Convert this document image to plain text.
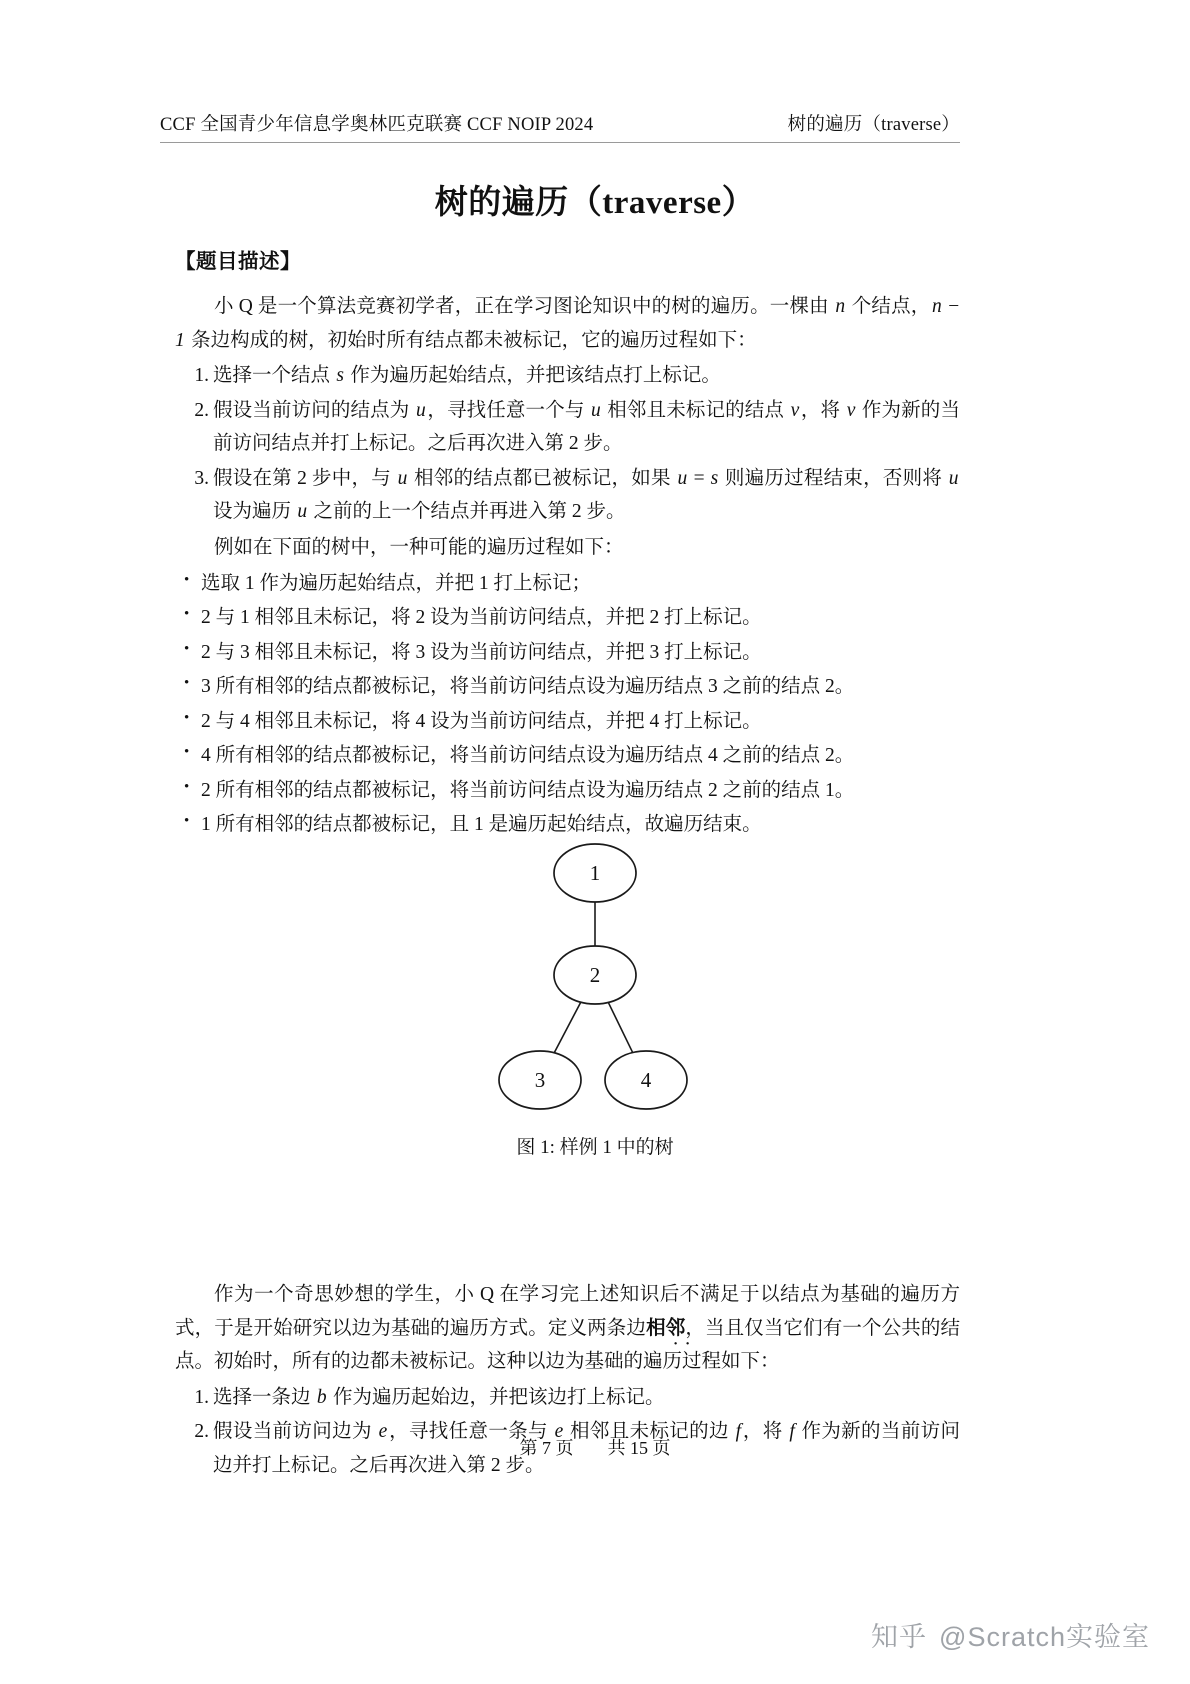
CCF 全国青少年信息学奥林匹克联赛 CCF NOIP 2024	树的遍历（traverse）
树的遍历（traverse）
【题目描述】

小 Q 是一个算法竞赛初学者，正在学习图论知识中的树的遍历。一棵由 n 个结点，n − 1 条边构成的树，初始时所有结点都未被标记，它的遍历过程如下：

1. 选择一个结点 s 作为遍历起始结点，并把该结点打上标记。
2. 假设当前访问的结点为 u，寻找任意一个与 u 相邻且未标记的结点 v，将 v 作为新的当前访问结点并打上标记。之后再次进入第 2 步。
3. 假设在第 2 步中，与 u 相邻的结点都已被标记，如果 u = s 则遍历过程结束，否则将 u 设为遍历 u 之前的上一个结点并再进入第 2 步。

例如在下面的树中，一种可能的遍历过程如下：

• 选取 1 作为遍历起始结点，并把 1 打上标记；
• 2 与 1 相邻且未标记，将 2 设为当前访问结点，并把 2 打上标记。
• 2 与 3 相邻且未标记，将 3 设为当前访问结点，并把 3 打上标记。
• 3 所有相邻的结点都被标记，将当前访问结点设为遍历结点 3 之前的结点 2。
• 2 与 4 相邻且未标记，将 4 设为当前访问结点，并把 4 打上标记。
• 4 所有相邻的结点都被标记，将当前访问结点设为遍历结点 4 之前的结点 2。
• 2 所有相邻的结点都被标记，将当前访问结点设为遍历结点 2 之前的结点 1。
• 1 所有相邻的结点都被标记，且 1 是遍历起始结点，故遍历结束。
1
2
3	4
图 1: 样例 1 中的树

作为一个奇思妙想的学生，小 Q 在学习完上述知识后不满足于以结点为基础的遍历方式，于是开始研究以边为基础的遍历方式。定义两条边相邻 ··，当且仅当它们有一个公共的结点。初始时，所有的边都未被标记。这种以边为基础的遍历过程如下：

1. 选择一条边 b 作为遍历起始边，并把该边打上标记。
2. 假设当前访问边为 e，寻找任意一条与 e 相邻且未标记的边 f，将 f 作为新的当前访问边并打上标记。之后再次进入第 2 步。
第 7 页 共 15 页
知乎 @Scratch实验室
